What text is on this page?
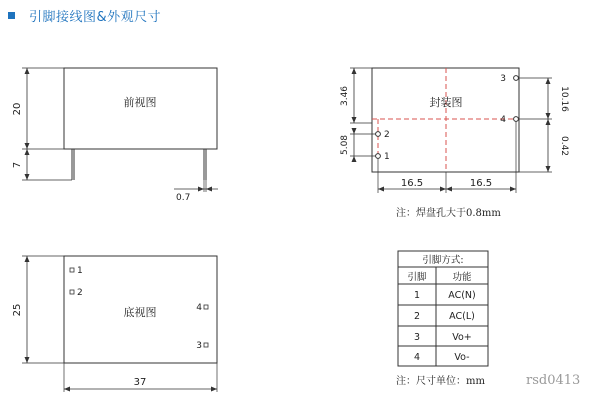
引脚接线图&外观尺寸
前视图
20
7
0.7
封装图
3.46
5.08
10.16
0.42
16.5	16.5
1
2
3
4
注：焊盘孔大于0.8mm
底视图
25
37
1
2
3
4
引脚方式:
引脚	功能
1	AC(N)
2	AC(L)
3	Vo+
4	Vo-
注：尺寸单位：mm	rsd0413
